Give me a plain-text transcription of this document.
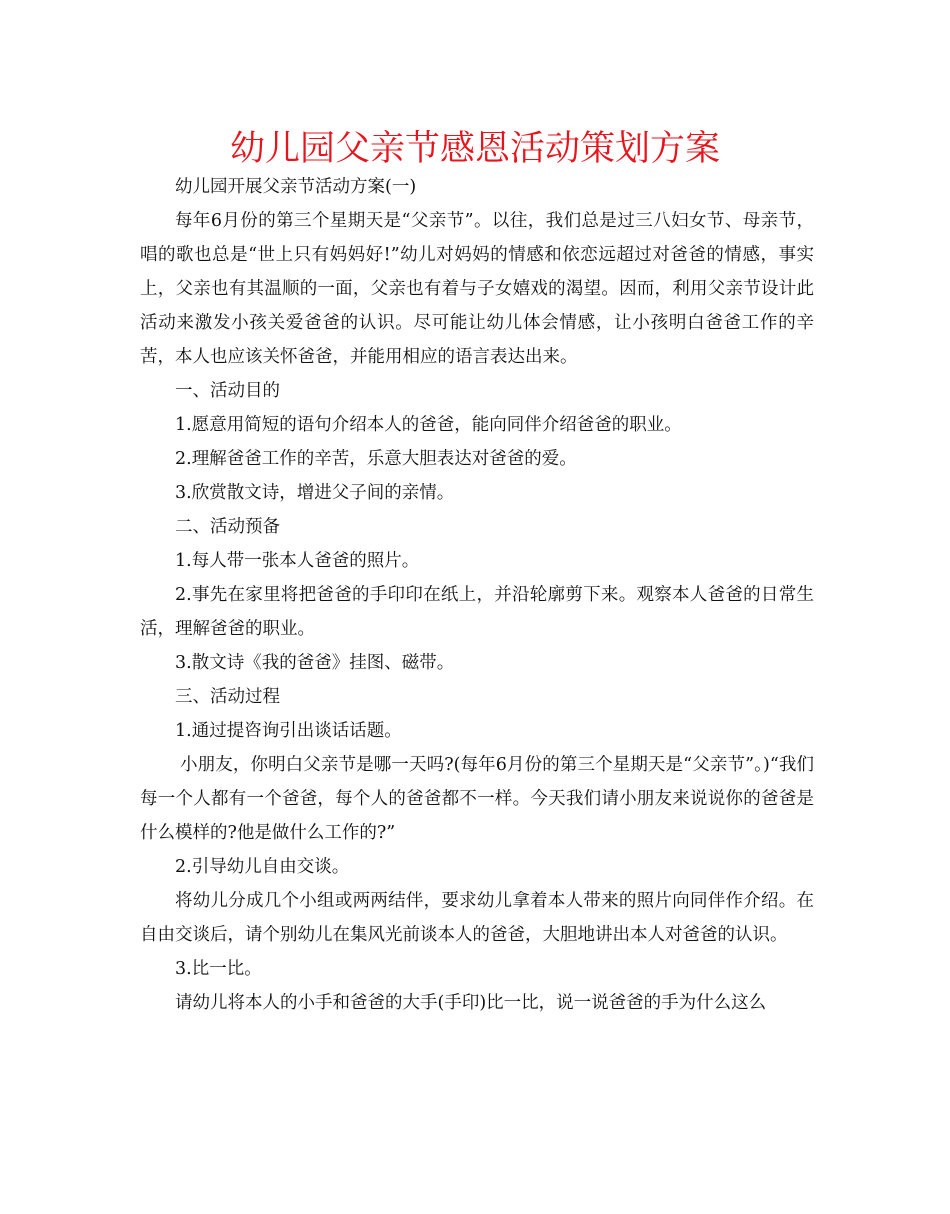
幼儿园父亲节感恩活动策划方案

幼儿园开展父亲节活动方案(一)

每年6月份的第三个星期天是“父亲节”。以往，我们总是过三八妇女节、母亲节，唱的歌也总是“世上只有妈妈好!”幼儿对妈妈的情感和依恋远超过对爸爸的情感，事实上，父亲也有其温顺的一面，父亲也有着与子女嬉戏的渴望。因而，利用父亲节设计此活动来激发小孩关爱爸爸的认识。尽可能让幼儿体会情感，让小孩明白爸爸工作的辛苦，本人也应该关怀爸爸，并能用相应的语言表达出来。

一、活动目的

1.愿意用简短的语句介绍本人的爸爸，能向同伴介绍爸爸的职业。

2.理解爸爸工作的辛苦，乐意大胆表达对爸爸的爱。

3.欣赏散文诗，增进父子间的亲情。

二、活动预备

1.每人带一张本人爸爸的照片。

2.事先在家里将把爸爸的手印印在纸上，并沿轮廓剪下来。观察本人爸爸的日常生活，理解爸爸的职业。

3.散文诗《我的爸爸》挂图、磁带。

三、活动过程

1.通过提咨询引出谈话话题。

小朋友，你明白父亲节是哪一天吗?(每年6月份的第三个星期天是“父亲节”。)“我们每一个人都有一个爸爸，每个人的爸爸都不一样。今天我们请小朋友来说说你的爸爸是什么模样的?他是做什么工作的?”

2.引导幼儿自由交谈。

将幼儿分成几个小组或两两结伴，要求幼儿拿着本人带来的照片向同伴作介绍。在自由交谈后，请个别幼儿在集风光前谈本人的爸爸，大胆地讲出本人对爸爸的认识。

3.比一比。

请幼儿将本人的小手和爸爸的大手(手印)比一比，说一说爸爸的手为什么这么
